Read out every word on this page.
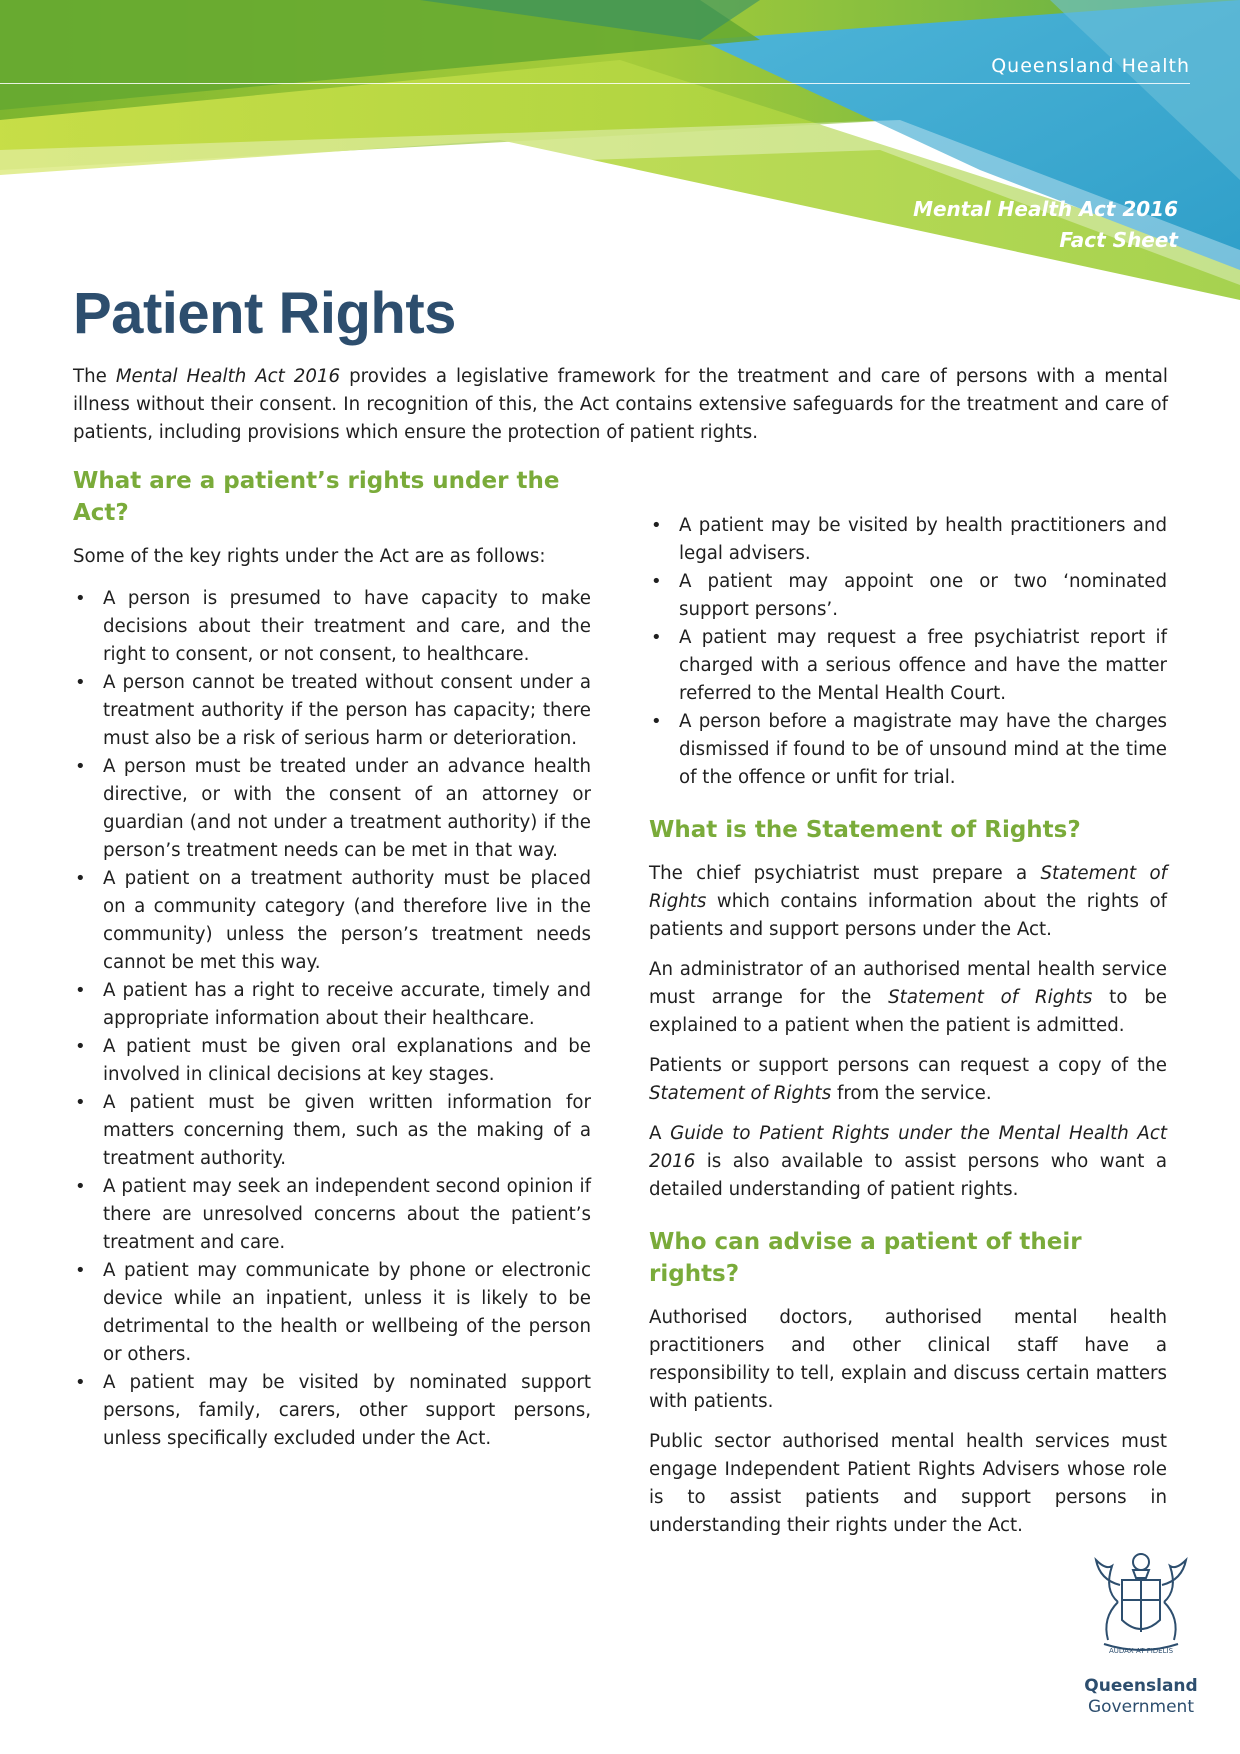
Queensland Health
Mental Health Act 2016
Fact Sheet
Patient Rights

The Mental Health Act 2016 provides a legislative framework for the treatment and care of persons with a mental illness without their consent. In recognition of this, the Act contains extensive safeguards for the treatment and care of patients, including provisions which ensure the protection of patient rights.

What are a patient’s rights under the Act?

Some of the key rights under the Act are as follows:

• A person is presumed to have capacity to make decisions about their treatment and care, and the right to consent, or not consent, to healthcare.
• A person cannot be treated without consent under a treatment authority if the person has capacity; there must also be a risk of serious harm or deterioration.
• A person must be treated under an advance health directive, or with the consent of an attorney or guardian (and not under a treatment authority) if the person’s treatment needs can be met in that way.
• A patient on a treatment authority must be placed on a community category (and therefore live in the community) unless the person’s treatment needs cannot be met this way.
• A patient has a right to receive accurate, timely and appropriate information about their healthcare.
• A patient must be given oral explanations and be involved in clinical decisions at key stages.
• A patient must be given written information for matters concerning them, such as the making of a treatment authority.
• A patient may seek an independent second opinion if there are unresolved concerns about the patient’s treatment and care.
• A patient may communicate by phone or electronic device while an inpatient, unless it is likely to be detrimental to the health or wellbeing of the person or others.
• A patient may be visited by nominated support persons, family, carers, other support persons, unless specifically excluded under the Act.
• A patient may be visited by health practitioners and legal advisers.
• A patient may appoint one or two ‘nominated support persons’.
• A patient may request a free psychiatrist report if charged with a serious offence and have the matter referred to the Mental Health Court.
• A person before a magistrate may have the charges dismissed if found to be of unsound mind at the time of the offence or unfit for trial.
What is the Statement of Rights?

The chief psychiatrist must prepare a Statement of Rights which contains information about the rights of patients and support persons under the Act.

An administrator of an authorised mental health service must arrange for the Statement of Rights to be explained to a patient when the patient is admitted.

Patients or support persons can request a copy of the Statement of Rights from the service.

A Guide to Patient Rights under the Mental Health Act 2016 is also available to assist persons who want a detailed understanding of patient rights.

Who can advise a patient of their rights?

Authorised doctors, authorised mental health practitioners and other clinical staff have a responsibility to tell, explain and discuss certain matters with patients.

Public sector authorised mental health services must engage Independent Patient Rights Advisers whose role is to assist patients and support persons in understanding their rights under the Act.

AUDAX AT FIDELIS
Queensland
Government
